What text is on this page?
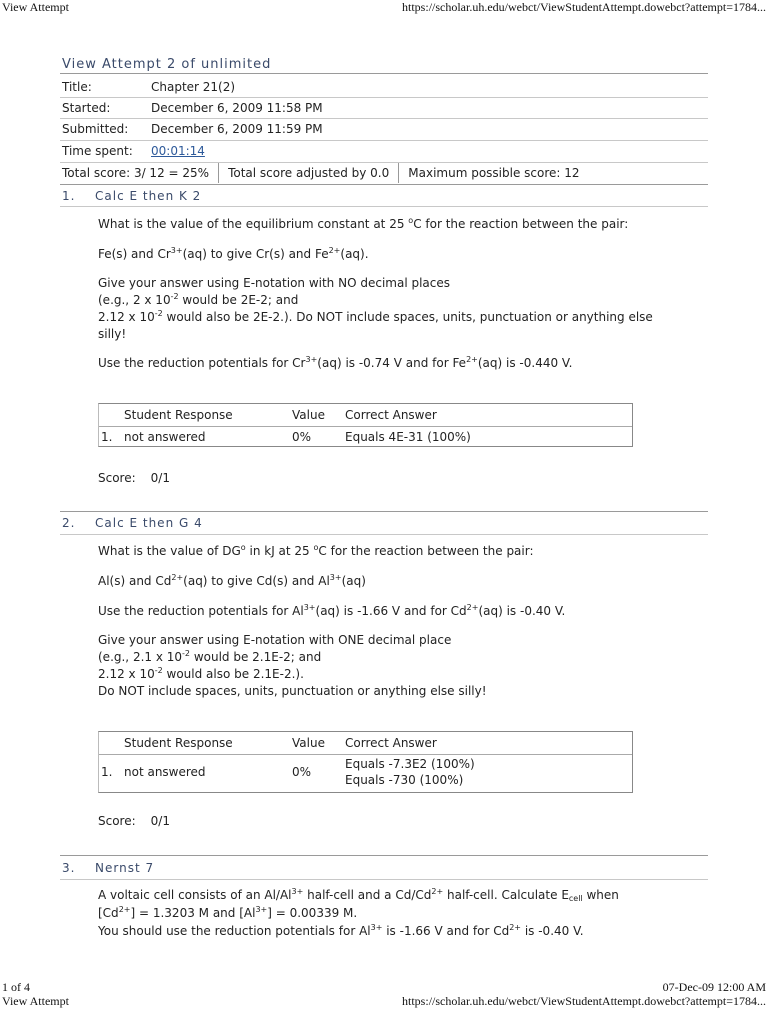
View Attempt	https://scholar.uh.edu/webct/ViewStudentAttempt.dowebct?attempt=1784...
View Attempt 2 of unlimited
Title:	Chapter 21(2)
Started:	December 6, 2009 11:58 PM
Submitted: December 6, 2009 11:59 PM
Time spent: 00:01:14
Total score: 3/ 12 = 25% Total score adjusted by 0.0 Maximum possible score: 12
1. Calc E then K 2
What is the value of the equilibrium constant at 25 $^o$C for the reaction between the pair:
Fe(s) and $Cr^{3+}(aq)$ to give Cr(s) and $Fe^{2+}(aq)$.
Give your answer using E-notation with NO decimal places
(e.g., 2 x $10^{-2}$ would be 2E-2; and
2.12 x $10^{-2}$ would also be 2E-2.). Do NOT include spaces, units, punctuation or anything else
silly!
Use the reduction potentials for $Cr^{3+}(aq)$ is -0.74 V and for $Fe^{2+}(aq)$ is -0.440 V.
Student Response	Value Correct Answer
1. not answered	0%	Equals 4E-31 (100%)
Score: 0/1
2. Calc E then G 4
What is the value of $DG^o$ in kJ at 25 $^o$C for the reaction between the pair:
Al(s) and $Cd^{2+}(aq)$ to give Cd(s) and $Al^{3+}(aq)$
Use the reduction potentials for $Al^{3+}(aq)$ is -1.66 V and for $Cd^{2+}(aq)$ is -0.40 V.
Give your answer using E-notation with ONE decimal place
(e.g., 2.1 x $10^{-2}$ would be 2.1E-2; and
2.12 x $10^{-2}$ would also be 2.1E-2.).
Do NOT include spaces, units, punctuation or anything else silly!
Student Response	Value Correct Answer
1. not answered	0%
Equals -7.3E2 (100%)
Equals -730 (100%)
Score: 0/1
3. Nernst 7
A voltaic cell consists of an $Al/Al^{3+}$ half-cell and a $Cd/Cd^{2+}$ half-cell. Calculate $E_{cell}$ when
$[Cd^{2+}] = 1.3203$ M and $[Al^{3+}] = 0.00339$ M.
You should use the reduction potentials for $Al^{3+}$ is -1.66 V and for $Cd^{2+}$ is -0.40 V.
1 of 4	07-Dec-09 12:00 AM
View Attempt	https://scholar.uh.edu/webct/ViewStudentAttempt.dowebct?attempt=1784...
